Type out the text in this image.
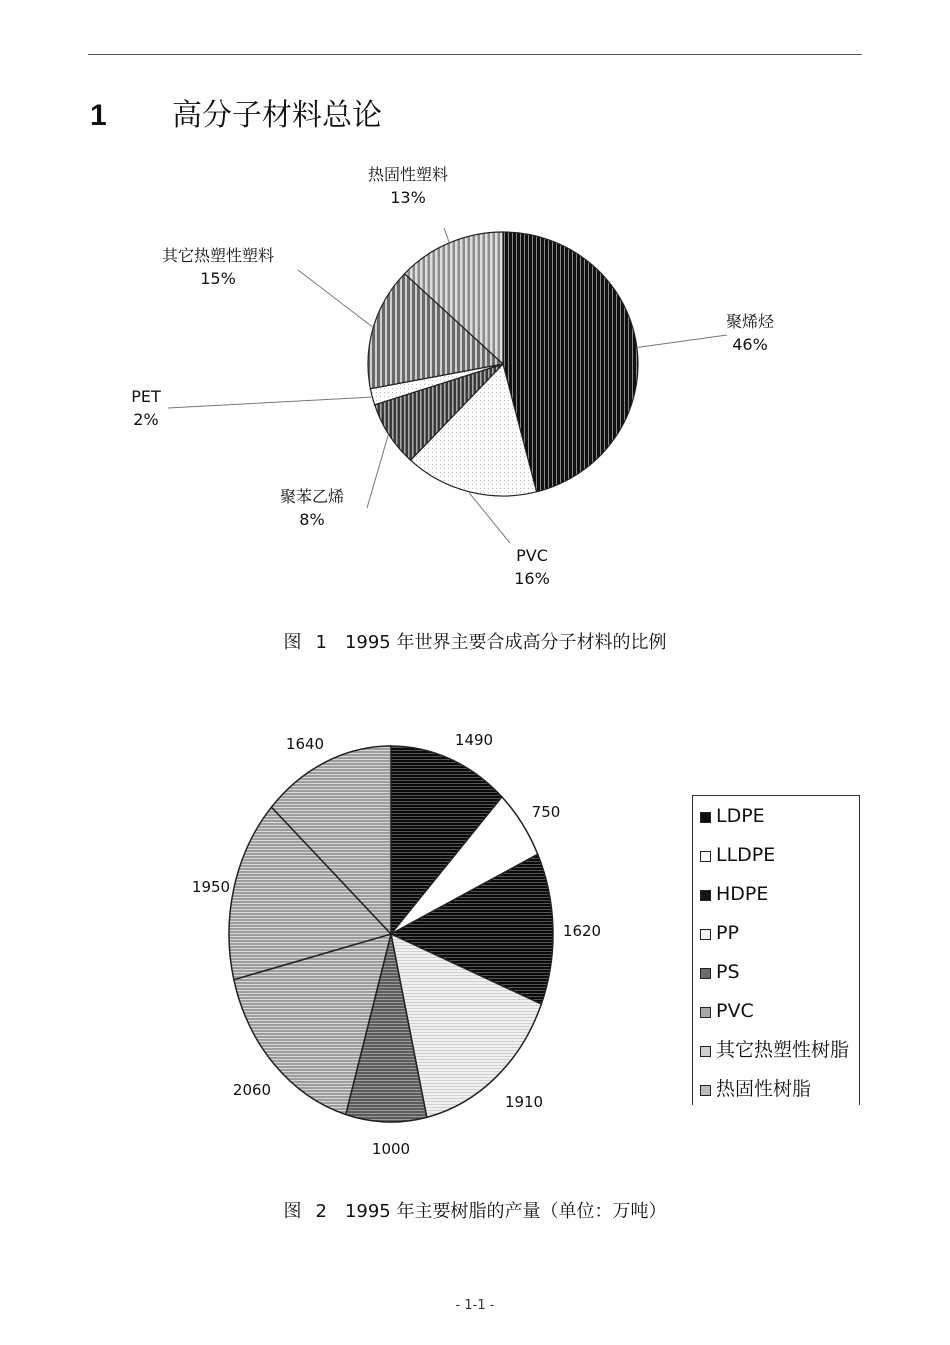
1 高分子材料总论
聚烯烃
46%
PVC
16%
聚苯乙烯
8%
PET
2%
其它热塑性塑料
15%
热固性塑料
13%
1490
750
1620
1910
1000
2060
1950
1640
图 1 1995 年世界主要合成高分子材料的比例
LDPE
LLDPE
HDPE
PP
PS
PVC
其它热塑性树脂
热固性树脂
图 2 1995 年主要树脂的产量（单位：万吨）
- 1-1 -
